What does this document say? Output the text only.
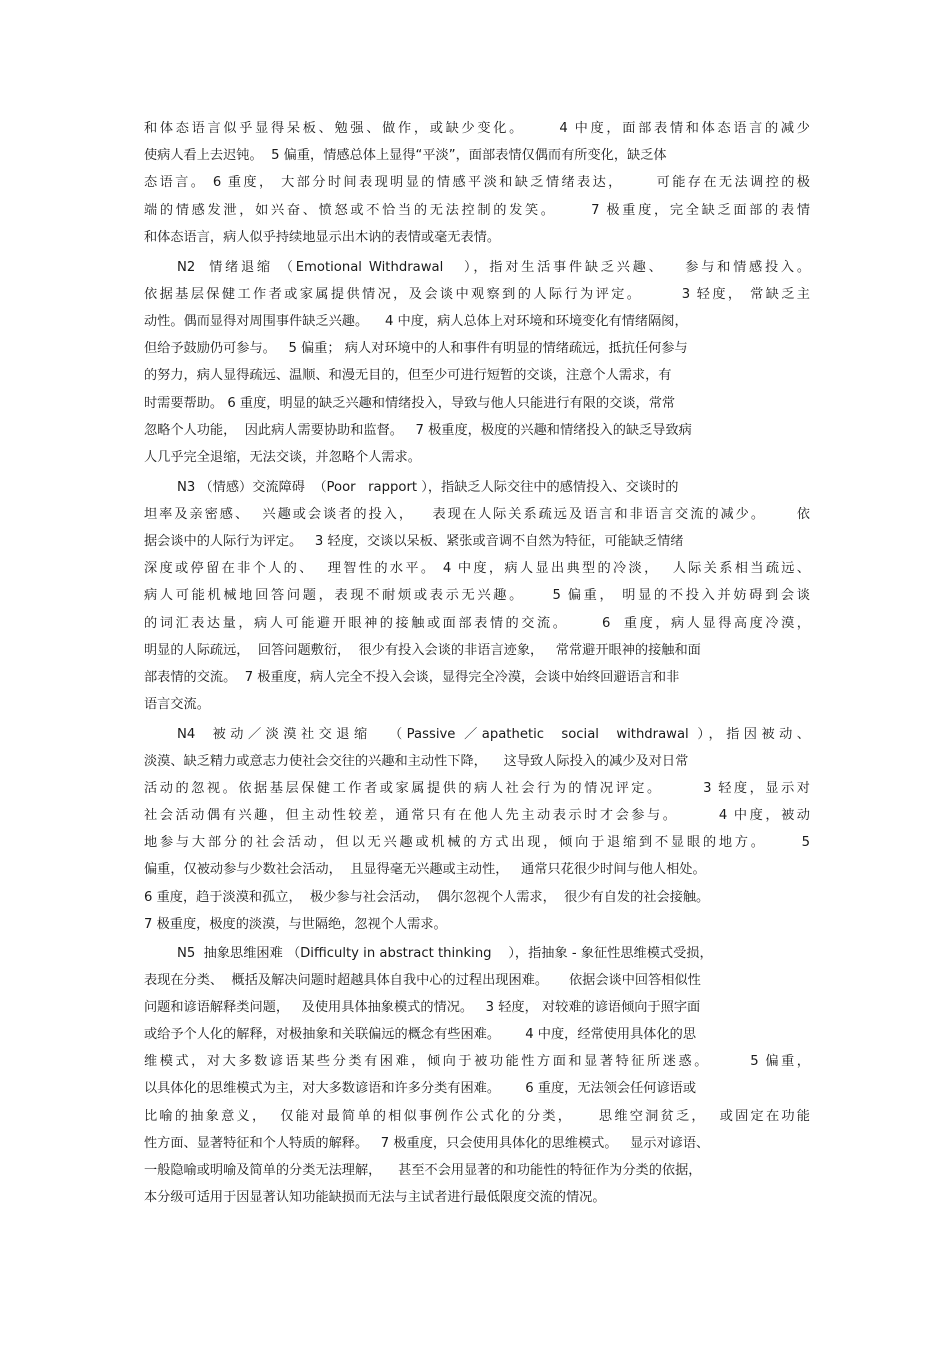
和体态语言似乎显得呆板、勉强、做作，或缺少变化。     4 中度，面部表情和体态语言的减少
使病人看上去迟钝。  5 偏重，情感总体上显得“平淡”，面部表情仅偶而有所变化，缺乏体
态语言。 6 重度， 大部分时间表现明显的情感平淡和缺乏情绪表达，     可能存在无法调控的极
端的情感发泄，如兴奋、愤怒或不恰当的无法控制的发笑。     7 极重度，完全缺乏面部的表情
和体态语言，病人似乎持续地显示出木讷的表情或毫无表情。
N2  情绪退缩 （Emotional Withdrawal   ），指对生活事件缺乏兴趣、   参与和情感投入。
依据基层保健工作者或家属提供情况，及会谈中观察到的人际行为评定。      3 轻度， 常缺乏主
动性。偶而显得对周围事件缺乏兴趣。    4 中度，病人总体上对环境和环境变化有情绪隔阂，
但给予鼓励仍可参与。   5 偏重； 病人对环境中的人和事件有明显的情绪疏远，抵抗任何参与
的努力，病人显得疏远、温顺、和漫无目的，但至少可进行短暂的交谈，注意个人需求，有
时需要帮助。 6 重度，明显的缺乏兴趣和情绪投入，导致与他人只能进行有限的交谈，常常
忽略个人功能，  因此病人需要协助和监督。   7 极重度，极度的兴趣和情绪投入的缺乏导致病
人几乎完全退缩，无法交谈，并忽略个人需求。
N3 （情感）交流障碍  （Poor   rapport ），指缺乏人际交往中的感情投入、交谈时的
坦率及亲密感、  兴趣或会谈者的投入，   表现在人际关系疏远及语言和非语言交流的减少。     依
据会谈中的人际行为评定。   3 轻度，交谈以呆板、紧张或音调不自然为特征，可能缺乏情绪
深度或停留在非个人的、  理智性的水平。 4 中度，病人显出典型的冷淡，  人际关系相当疏远、
病人可能机械地回答问题，表现不耐烦或表示无兴趣。    5 偏重， 明显的不投入并妨碍到会谈
的词汇表达量，病人可能避开眼神的接触或面部表情的交流。     6  重度，病人显得高度冷漠，
明显的人际疏远，  回答问题敷衍，  很少有投入会谈的非语言迹象，   常常避开眼神的接触和面
部表情的交流。  7 极重度，病人完全不投入会谈，显得完全冷漠，会谈中始终回避语言和非
语言交流。
N4  被动／淡漠社交退缩  （Passive ／apathetic  social  withdrawal ），指因被动、
淡漠、缺乏精力或意志力使社会交往的兴趣和主动性下降，    这导致人际投入的减少及对日常
活动的忽视。依据基层保健工作者或家属提供的病人社会行为的情况评定。      3 轻度，显示对
社会活动偶有兴趣，但主动性较差，通常只有在他人先主动表示时才会参与。      4 中度，被动
地参与大部分的社会活动，但以无兴趣或机械的方式出现，倾向于退缩到不显眼的地方。     5
偏重，仅被动参与少数社会活动，  且显得毫无兴趣或主动性，   通常只花很少时间与他人相处。
6 重度，趋于淡漠和孤立，  极少参与社会活动，  偶尔忽视个人需求，  很少有自发的社会接触。
7 极重度，极度的淡漠，与世隔绝，忽视个人需求。
N5  抽象思维困难 （Difficulty in abstract thinking    ），指抽象 - 象征性思维模式受损，
表现在分类、  概括及解决问题时超越具体自我中心的过程出现困难。     依据会谈中回答相似性
问题和谚语解释类问题，   及使用具体抽象模式的情况。   3 轻度， 对较难的谚语倾向于照字面
或给予个人化的解释，对极抽象和关联偏远的概念有些困难。      4 中度，经常使用具体化的思
维模式，对大多数谚语某些分类有困难，倾向于被功能性方面和显著特征所迷惑。      5 偏重，
以具体化的思维模式为主，对大多数谚语和许多分类有困难。      6 重度，无法领会任何谚语或
比喻的抽象意义，  仅能对最简单的相似事例作公式化的分类，    思维空洞贫乏，  或固定在功能
性方面、显著特征和个人特质的解释。   7 极重度，只会使用具体化的思维模式。   显示对谚语、
一般隐喻或明喻及简单的分类无法理解，    甚至不会用显著的和功能性的特征作为分类的依据，
本分级可适用于因显著认知功能缺损而无法与主试者进行最低限度交流的情况。
